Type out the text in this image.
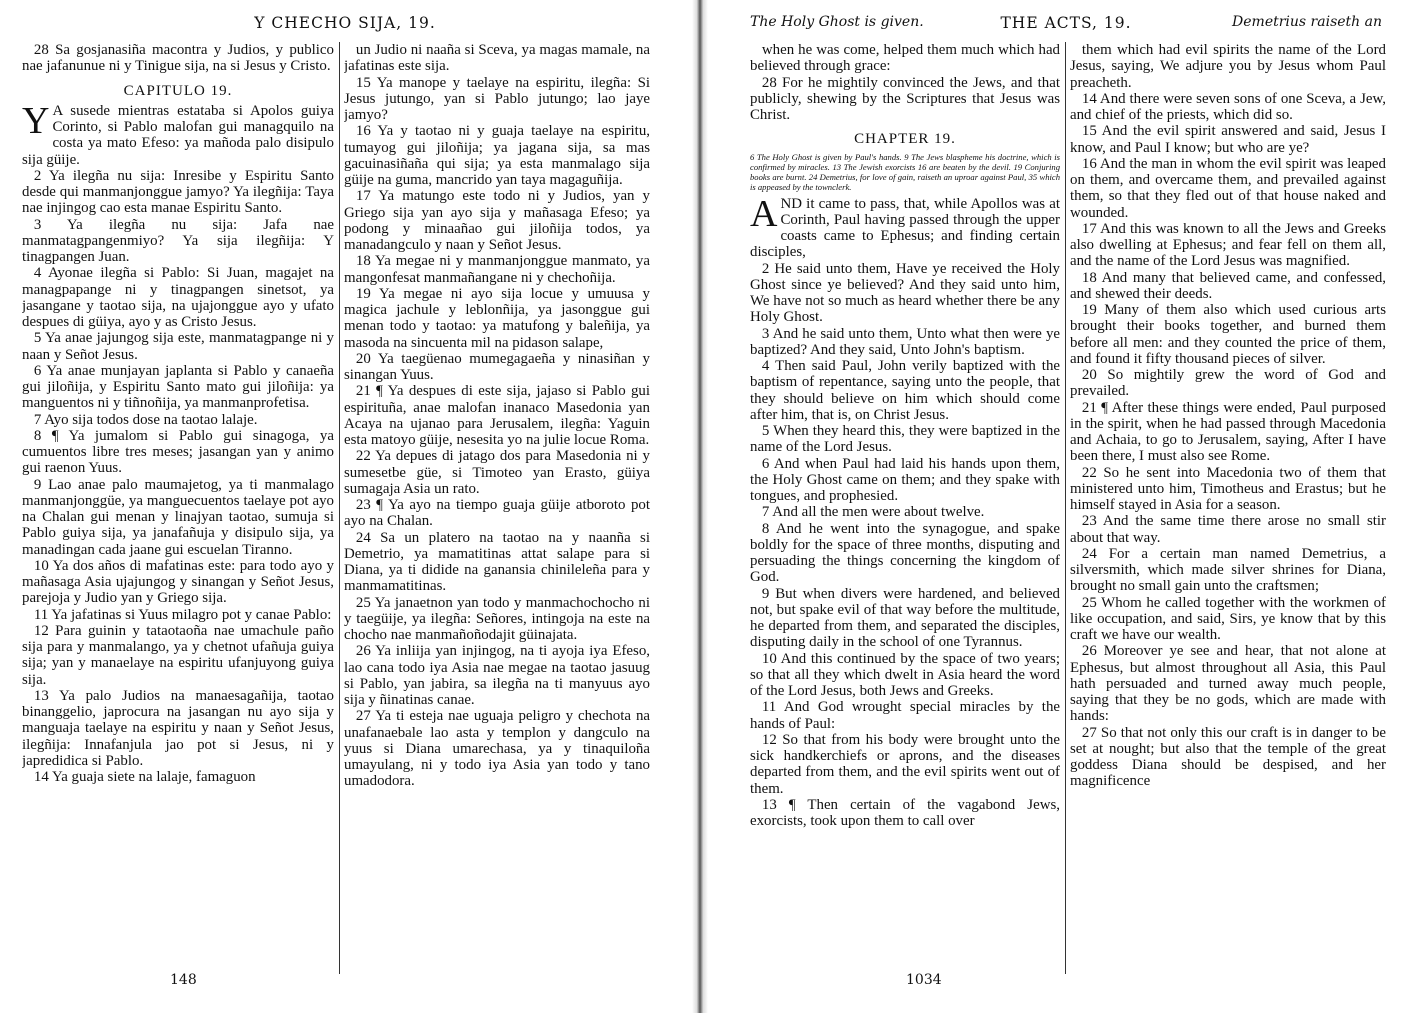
Y CHECHO SIJA, 19.

28 Sa gosjanasiña macontra y Judios, y publico nae jafanunue ni y Tinigue sija, na si Jesus y Cristo.

CAPITULO 19.

Y A susede mientras estataba si Apolos guiya Corinto, si Pablo malofan gui managquilo na costa ya mato Efeso: ya mañoda palo disipulo sija güije.

2 Ya ilegña nu sija: Inresibe y Espiritu Santo desde qui manmanjonggue jamyo? Ya ilegñija: Taya nae injingog cao esta manae Espiritu Santo.

3 Ya ilegña nu sija: Jafa nae manmatagpangenmiyo? Ya sija ilegñija: Y tinagpangen Juan.

4 Ayonae ilegña si Pablo: Si Juan, magajet na managpapange ni y tinagpangen sinetsot, ya jasangane y taotao sija, na ujajonggue ayo y ufato despues di güiya, ayo y as Cristo Jesus.

5 Ya anae jajungog sija este, manmatagpange ni y naan y Señot Jesus.

6 Ya anae munjayan japlanta si Pablo y canaeña gui jiloñija, y Espiritu Santo mato gui jiloñija: ya manguentos ni y tiñnoñija, ya manmanprofetisa.

7 Ayo sija todos dose na taotao lalaje.

8 ¶ Ya jumalom si Pablo gui sinagoga, ya cumuentos libre tres meses; jasangan yan y animo gui raenon Yuus.

9 Lao anae palo maumajetog, ya ti manmalago manmanjonggüe, ya manguecuentos taelaye pot ayo na Chalan gui menan y linajyan taotao, sumuja si Pablo guiya sija, ya janafañuja y disipulo sija, ya manadingan cada jaane gui escuelan Tiranno.

10 Ya dos años di mafatinas este: para todo ayo y mañasaga Asia ujajungog y sinangan y Señot Jesus, parejoja y Judio yan y Griego sija.

11 Ya jafatinas si Yuus milagro pot y canae Pablo:

12 Para guinin y tataotaoña nae umachule paño sija para y manmalango, ya y chetnot ufañuja guiya sija; yan y manaelaye na espiritu ufanjuyong guiya sija.

13 Ya palo Judios na manaesagañija, taotao binanggelio, japrocura na jasangan nu ayo sija y manguaja taelaye na espiritu y naan y Señot Jesus, ilegñija: Innafanjula jao pot si Jesus, ni y japredidica si Pablo.

14 Ya guaja siete na lalaje, famaguon

un Judio ni naaña si Sceva, ya magas mamale, na jafatinas este sija.

15 Ya manope y taelaye na espiritu, ilegña: Si Jesus jutungo, yan si Pablo jutungo; lao jaye jamyo?

16 Ya y taotao ni y guaja taelaye na espiritu, tumayog gui jiloñija; ya jagana sija, sa mas gacuinasiñaña qui sija; ya esta manmalago sija güije na guma, mancrido yan taya magaguñija.

17 Ya matungo este todo ni y Judios, yan y Griego sija yan ayo sija y mañasaga Efeso; ya podong y minaañao gui jiloñija todos, ya manadangculo y naan y Señot Jesus.

18 Ya megae ni y manmanjonggue manmato, ya mangonfesat manmañangane ni y chechoñija.

19 Ya megae ni ayo sija locue y umuusa y magica jachule y leblonñija, ya jasonggue gui menan todo y taotao: ya matufong y baleñija, ya masoda na sincuenta mil na pidason salape,

20 Ya taegüenao mumegagaeña y ninasiñan y sinangan Yuus.

21 ¶ Ya despues di este sija, jajaso si Pablo gui espirituña, anae malofan inanaco Masedonia yan Acaya na ujanao para Jerusalem, ilegña: Yaguin esta matoyo güije, nesesita yo na julie locue Roma.

22 Ya depues di jatago dos para Masedonia ni y sumesetbe güe, si Timoteo yan Erasto, güiya sumagaja Asia un rato.

23 ¶ Ya ayo na tiempo guaja güije atboroto pot ayo na Chalan.

24 Sa un platero na taotao na y naanña si Demetrio, ya mamatitinas attat salape para si Diana, ya ti didide na ganansia chinileleña para y manmamatitinas.

25 Ya janaetnon yan todo y manmachochocho ni y taegüije, ya ilegña: Señores, intingoja na este na chocho nae manmañoñodajit güinajata.

26 Ya inliija yan injingog, na ti ayoja iya Efeso, lao cana todo iya Asia nae megae na taotao jasuug si Pablo, yan jabira, sa ilegña na ti manyuus ayo sija y ñinatinas canae.

27 Ya ti esteja nae uguaja peligro y chechota na unafanaebale lao asta y templon y dangculo na yuus si Diana umarechasa, ya y tinaquiloña umayulang, ni y todo iya Asia yan todo y tano umadodora.

148
The Holy Ghost is given.	THE ACTS, 19.	Demetrius raiseth an

when he was come, helped them much which had believed through grace:

28 For he mightily convinced the Jews, and that publicly, shewing by the Scriptures that Jesus was Christ.

CHAPTER 19.
6 The Holy Ghost is given by Paul's hands. 9 The Jews blaspheme his doctrine, which is confirmed by miracles. 13 The Jewish exorcists 16 are beaten by the devil. 19 Conjuring books are burnt. 24 Demetrius, for love of gain, raiseth an uproar against Paul, 35 which is appeased by the townclerk.

AND it came to pass, that, while Apollos was at Corinth, Paul having passed through the upper coasts came to Ephesus; and finding certain disciples,

2 He said unto them, Have ye received the Holy Ghost since ye believed? And they said unto him, We have not so much as heard whether there be any Holy Ghost.

3 And he said unto them, Unto what then were ye baptized? And they said, Unto John's baptism.

4 Then said Paul, John verily baptized with the baptism of repentance, saying unto the people, that they should believe on him which should come after him, that is, on Christ Jesus.

5 When they heard this, they were baptized in the name of the Lord Jesus.

6 And when Paul had laid his hands upon them, the Holy Ghost came on them; and they spake with tongues, and prophesied.

7 And all the men were about twelve.

8 And he went into the synagogue, and spake boldly for the space of three months, disputing and persuading the things concerning the kingdom of God.

9 But when divers were hardened, and believed not, but spake evil of that way before the multitude, he departed from them, and separated the disciples, disputing daily in the school of one Tyrannus.

10 And this continued by the space of two years; so that all they which dwelt in Asia heard the word of the Lord Jesus, both Jews and Greeks.

11 And God wrought special miracles by the hands of Paul:

12 So that from his body were brought unto the sick handkerchiefs or aprons, and the diseases departed from them, and the evil spirits went out of them.

13 ¶ Then certain of the vagabond Jews, exorcists, took upon them to call over

them which had evil spirits the name of the Lord Jesus, saying, We adjure you by Jesus whom Paul preacheth.

14 And there were seven sons of one Sceva, a Jew, and chief of the priests, which did so.

15 And the evil spirit answered and said, Jesus I know, and Paul I know; but who are ye?

16 And the man in whom the evil spirit was leaped on them, and overcame them, and prevailed against them, so that they fled out of that house naked and wounded.

17 And this was known to all the Jews and Greeks also dwelling at Ephesus; and fear fell on them all, and the name of the Lord Jesus was magnified.

18 And many that believed came, and confessed, and shewed their deeds.

19 Many of them also which used curious arts brought their books together, and burned them before all men: and they counted the price of them, and found it fifty thousand pieces of silver.

20 So mightily grew the word of God and prevailed.

21 ¶ After these things were ended, Paul purposed in the spirit, when he had passed through Macedonia and Achaia, to go to Jerusalem, saying, After I have been there, I must also see Rome.

22 So he sent into Macedonia two of them that ministered unto him, Timotheus and Erastus; but he himself stayed in Asia for a season.

23 And the same time there arose no small stir about that way.

24 For a certain man named Demetrius, a silversmith, which made silver shrines for Diana, brought no small gain unto the craftsmen;

25 Whom he called together with the workmen of like occupation, and said, Sirs, ye know that by this craft we have our wealth.

26 Moreover ye see and hear, that not alone at Ephesus, but almost throughout all Asia, this Paul hath persuaded and turned away much people, saying that they be no gods, which are made with hands:

27 So that not only this our craft is in danger to be set at nought; but also that the temple of the great goddess Diana should be despised, and her magnificence

1034
